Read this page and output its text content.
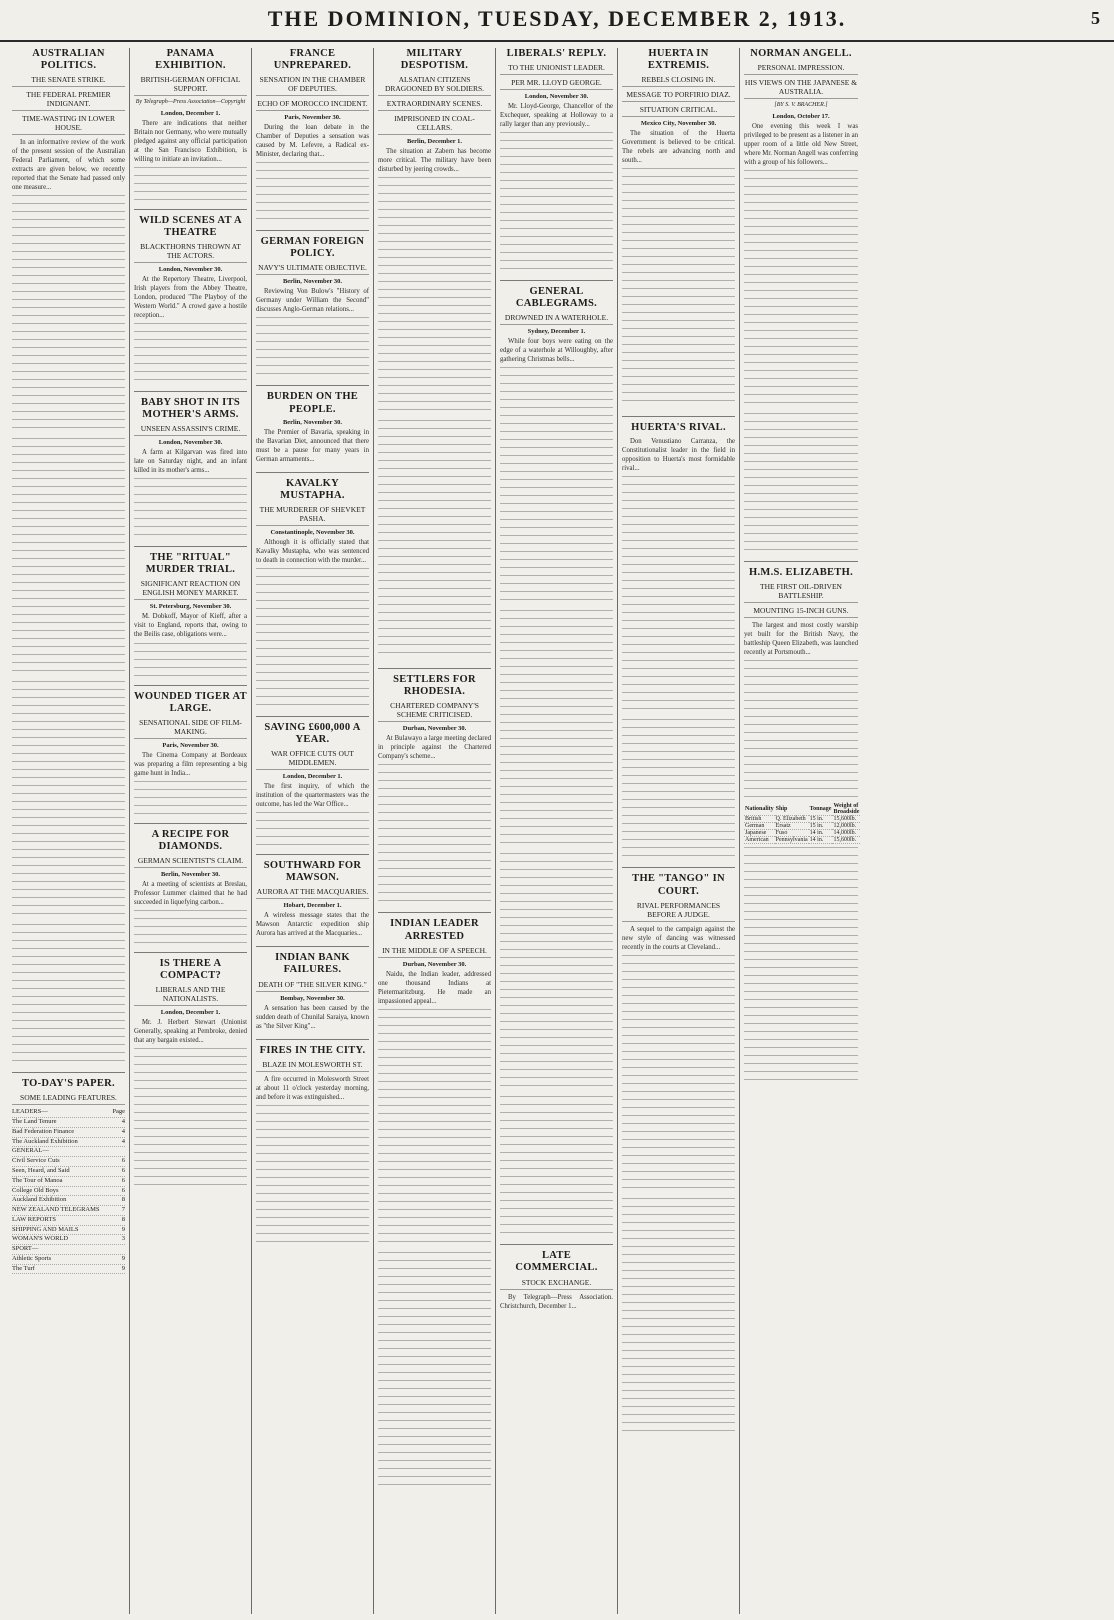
THE DOMINION, TUESDAY, DECEMBER 2, 1913.	5
AUSTRALIAN POLITICS.
THE SENATE STRIKE.
THE FEDERAL PREMIER INDIGNANT.
TIME-WASTING IN LOWER HOUSE.

In an informative review of the work of the present session of the Australian Federal Parliament, of which some extracts are given below, we recently reported that the Senate had passed only one measure...

TO-DAY'S PAPER.
SOME LEADING FEATURES.
LEADERS—	Page
The Land Tenure	4
Bad Federation Finance	4
The Auckland Exhibition	4
GENERAL—
Civil Service Cuts	6
Seen, Heard, and Said	6
The Tour of Manoa	6
College Old Boys	6
Auckland Exhibition	8
NEW ZEALAND TELEGRAMS	7
LAW REPORTS	8
SHIPPING AND MAILS	9
WOMAN'S WORLD	3
SPORT—
Athletic Sports	9
The Turf	9
PANAMA EXHIBITION.
BRITISH-GERMAN OFFICIAL SUPPORT.
By Telegraph—Press Association—Copyright
London, December 1.

There are indications that neither Britain nor Germany, who were mutually pledged against any official participation at the San Francisco Exhibition, is willing to initiate an invitation...

WILD SCENES AT A THEATRE
BLACKTHORNS THROWN AT THE ACTORS.
London, November 30.

At the Repertory Theatre, Liverpool, Irish players from the Abbey Theatre, London, produced "The Playboy of the Western World." A crowd gave a hostile reception...

BABY SHOT IN ITS MOTHER'S ARMS.
UNSEEN ASSASSIN'S CRIME.
London, November 30.

A farm at Kilgarvan was fired into late on Saturday night, and an infant killed in its mother's arms...

THE "RITUAL" MURDER TRIAL.
SIGNIFICANT REACTION ON ENGLISH MONEY MARKET.
St. Petersburg, November 30.

M. Dobkoff, Mayor of Kieff, after a visit to England, reports that, owing to the Beilis case, obligations were...

WOUNDED TIGER AT LARGE.
SENSATIONAL SIDE OF FILM-MAKING.
Paris, November 30.

The Cinema Company at Bordeaux was preparing a film representing a big game hunt in India...

A RECIPE FOR DIAMONDS.
GERMAN SCIENTIST'S CLAIM.
Berlin, November 30.

At a meeting of scientists at Breslau, Professor Lummer claimed that he had succeeded in liquefying carbon...

IS THERE A COMPACT?
LIBERALS AND THE NATIONALISTS.
London, December 1.

Mr. J. Herbert Stewart (Unionist Generally, speaking at Pembroke, denied that any bargain existed...

FRANCE UNPREPARED.
SENSATION IN THE CHAMBER OF DEPUTIES.
ECHO OF MOROCCO INCIDENT.
Paris, November 30.

During the loan debate in the Chamber of Deputies a sensation was caused by M. Lefevre, a Radical ex-Minister, declaring that...

GERMAN FOREIGN POLICY.
NAVY'S ULTIMATE OBJECTIVE.
Berlin, November 30.

Reviewing Von Bulow's "History of Germany under William the Second" discusses Anglo-German relations...

BURDEN ON THE PEOPLE.
Berlin, November 30.

The Premier of Bavaria, speaking in the Bavarian Diet, announced that there must be a pause for many years in German armaments...

KAVALKY MUSTAPHA.
THE MURDERER OF SHEVKET PASHA.
Constantinople, November 30.

Although it is officially stated that Kavalky Mustapha, who was sentenced to death in connection with the murder...

SAVING £600,000 A YEAR.
WAR OFFICE CUTS OUT MIDDLEMEN.
London, December 1.

The first inquiry, of which the institution of the quartermasters was the outcome, has led the War Office...

SOUTHWARD FOR MAWSON.
AURORA AT THE MACQUARIES.
Hobart, December 1.

A wireless message states that the Mawson Antarctic expedition ship Aurora has arrived at the Macquaries...

INDIAN BANK FAILURES.
DEATH OF "THE SILVER KING."
Bombay, November 30.

A sensation has been caused by the sudden death of Chunilal Saraiya, known as "the Silver King"...

FIRES IN THE CITY.
BLAZE IN MOLESWORTH ST.

A fire occurred in Molesworth Street at about 11 o'clock yesterday morning, and before it was extinguished...

MILITARY DESPOTISM.
ALSATIAN CITIZENS DRAGOONED BY SOLDIERS.
EXTRAORDINARY SCENES.
IMPRISONED IN COAL-CELLARS.
Berlin, December 1.

The situation at Zabern has become more critical. The military have been disturbed by jeering crowds...

SETTLERS FOR RHODESIA.
CHARTERED COMPANY'S SCHEME CRITICISED.
Durban, November 30.

At Bulawayo a large meeting declared in principle against the Chartered Company's scheme...

INDIAN LEADER ARRESTED
IN THE MIDDLE OF A SPEECH.
Durban, November 30.

Naidu, the Indian leader, addressed one thousand Indians at Pietermaritzburg. He made an impassioned appeal...

LIBERALS' REPLY.
TO THE UNIONIST LEADER.
PER MR. LLOYD GEORGE.
London, November 30.

Mr. Lloyd-George, Chancellor of the Exchequer, speaking at Holloway to a rally larger than any previously...

GENERAL CABLEGRAMS.
DROWNED IN A WATERHOLE.
Sydney, December 1.

While four boys were eating on the edge of a waterhole at Willoughby, after gathering Christmas bells...

LATE COMMERCIAL.
STOCK EXCHANGE.

By Telegraph—Press Association. Christchurch, December 1...

HUERTA IN EXTREMIS.
REBELS CLOSING IN.
MESSAGE TO PORFIRIO DIAZ.
SITUATION CRITICAL.
Mexico City, November 30.

The situation of the Huerta Government is believed to be critical. The rebels are advancing north and south...

HUERTA'S RIVAL.

Don Venustiano Carranza, the Constitutionalist leader in the field in opposition to Huerta's most formidable rival...

THE "TANGO" IN COURT.
RIVAL PERFORMANCES BEFORE A JUDGE.

A sequel to the campaign against the new style of dancing was witnessed recently in the courts at Cleveland...

NORMAN ANGELL.
PERSONAL IMPRESSION.
HIS VIEWS ON THE JAPANESE & AUSTRALIA.
[BY S. V. BRACHER.]
London, October 17.

One evening this week I was privileged to be present as a listener in an upper room of a little old New Street, where Mr. Norman Angell was conferring with a group of his followers...

H.M.S. ELIZABETH.
THE FIRST OIL-DRIVEN BATTLESHIP.
MOUNTING 15-INCH GUNS.

The largest and most costly warship yet built for the British Navy, the battleship Queen Elizabeth, was launched recently at Portsmouth...

Nationality	Ship	Tonnage	Weight of Broadside
British	Q. Elizabeth	15 in.	15,600lb.
German	Ersatz	15 in.	12,000lb.
Japanese	Fuso	14 in.	14,000lb.
American	Pennsylvania	14 in.	15,600lb.
